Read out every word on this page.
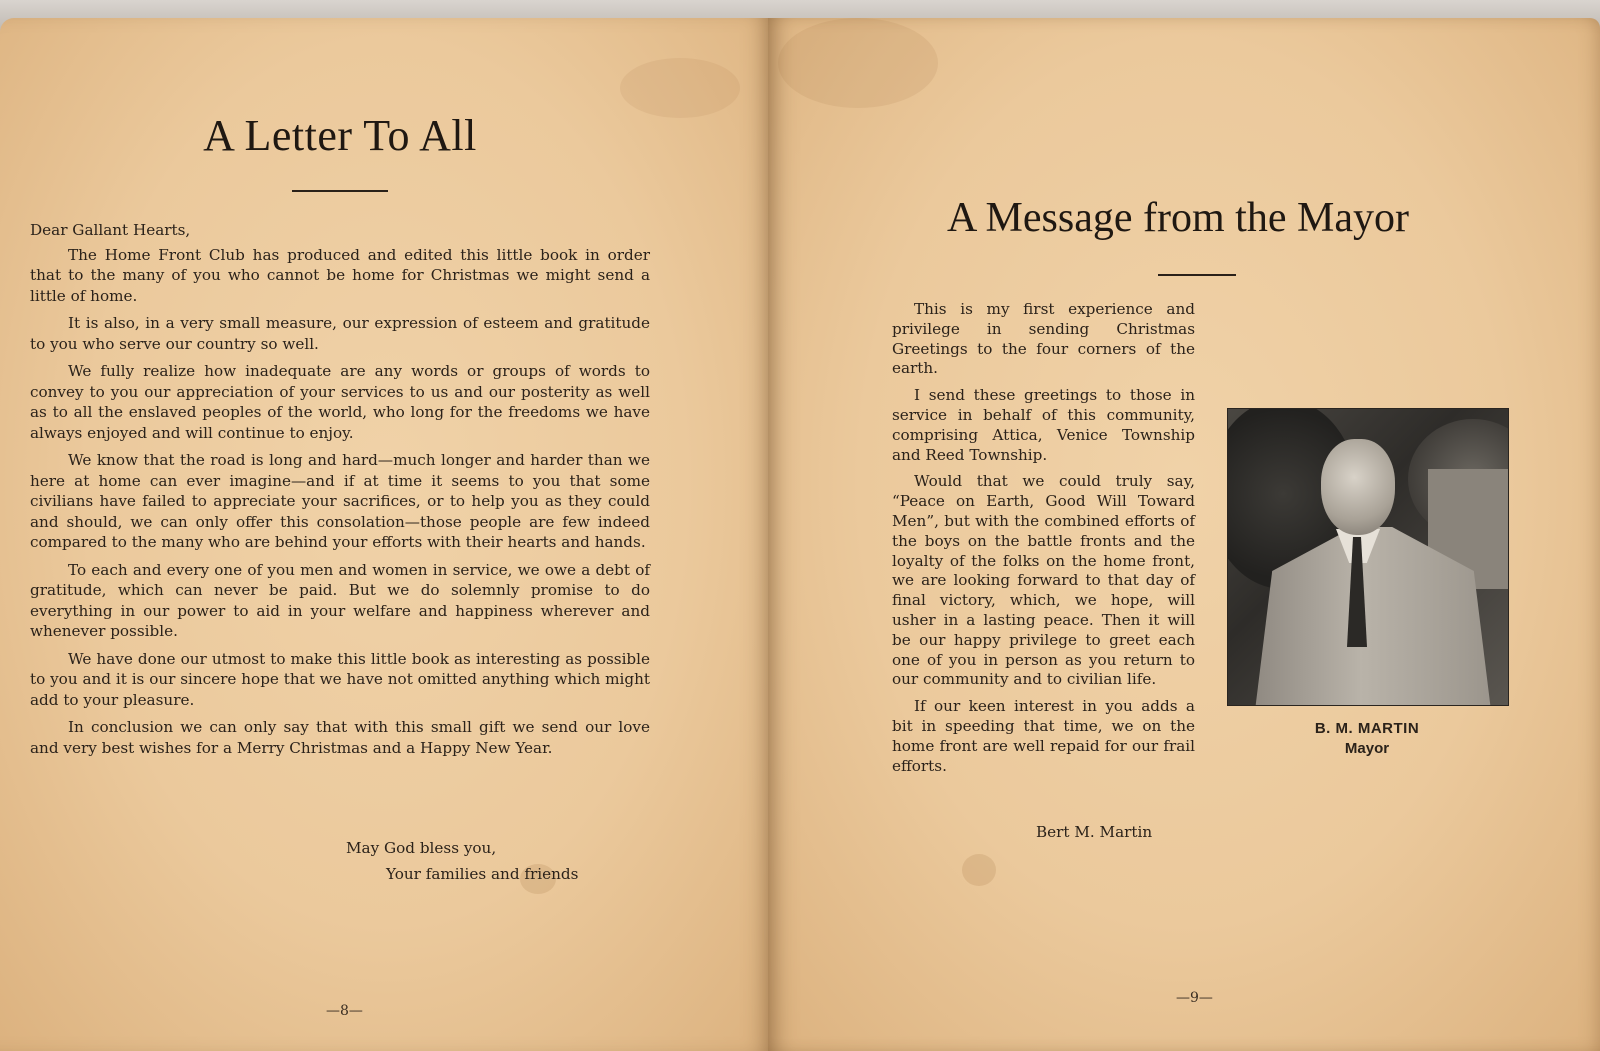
A Letter To All
Dear Gallant Hearts,

The Home Front Club has produced and edited this little book in order that to the many of you who cannot be home for Christmas we might send a little of home.

It is also, in a very small measure, our expression of esteem and gratitude to you who serve our country so well.

We fully realize how inadequate are any words or groups of words to convey to you our appreciation of your services to us and our posterity as well as to all the enslaved peoples of the world, who long for the freedoms we have always enjoyed and will continue to enjoy.

We know that the road is long and hard—much longer and harder than we here at home can ever imagine—and if at time it seems to you that some civilians have failed to appreciate your sacrifices, or to help you as they could and should, we can only offer this consolation—those people are few indeed compared to the many who are behind your efforts with their hearts and hands.

To each and every one of you men and women in service, we owe a debt of gratitude, which can never be paid. But we do solemnly promise to do everything in our power to aid in your welfare and happiness wherever and whenever possible.

We have done our utmost to make this little book as interesting as possible to you and it is our sincere hope that we have not omitted anything which might add to your pleasure.

In conclusion we can only say that with this small gift we send our love and very best wishes for a Merry Christmas and a Happy New Year.

May God bless you,
Your families and friends
—8—
A Message from the Mayor

This is my first experience and privilege in sending Christmas Greetings to the four corners of the earth.

I send these greetings to those in service in behalf of this community, comprising Attica, Venice Township and Reed Township.

Would that we could truly say, “Peace on Earth, Good Will Toward Men”, but with the combined efforts of the boys on the battle fronts and the loyalty of the folks on the home front, we are looking forward to that day of final victory, which, we hope, will usher in a lasting peace. Then it will be our happy privilege to greet each one of you in person as you return to our community and to civilian life.

If our keen interest in you adds a bit in speeding that time, we on the home front are well repaid for our frail efforts.

Bert M. Martin
B. M. MARTIN
Mayor
—9—
